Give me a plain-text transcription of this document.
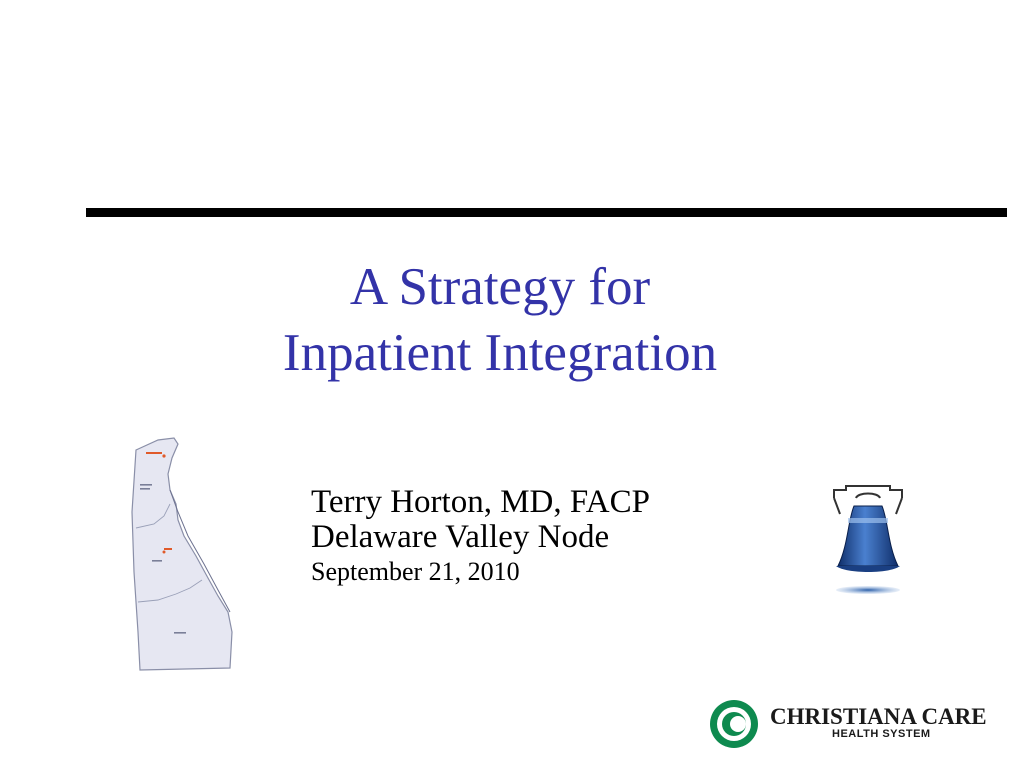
A Strategy for
Inpatient Integration
Terry Horton, MD, FACP
Delaware Valley Node
September 21, 2010
CHRISTIANA CARE
HEALTH SYSTEM
